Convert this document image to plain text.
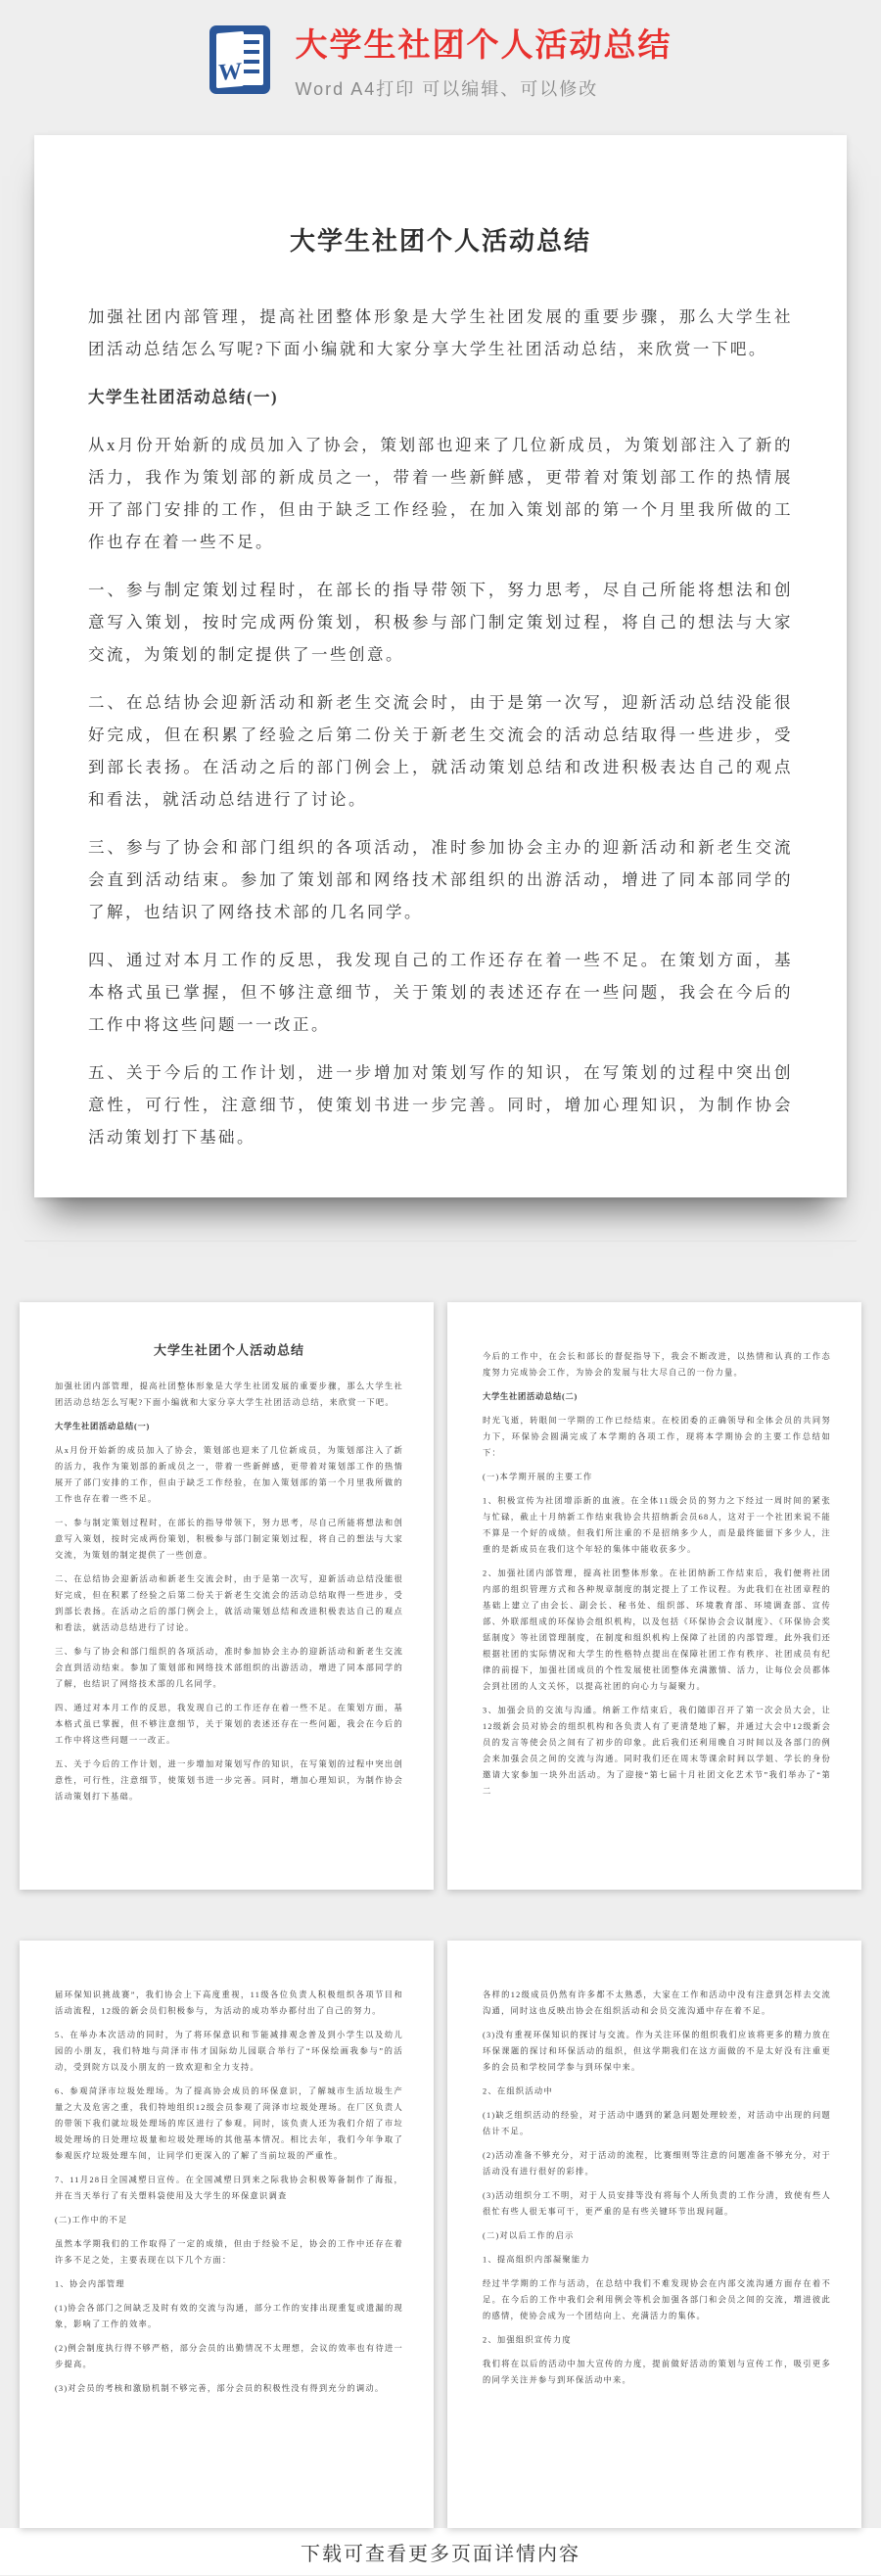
W
大学生社团个人活动总结
Word A4打印 可以编辑、可以修改
大学生社团个人活动总结

加强社团内部管理，提高社团整体形象是大学生社团发展的重要步骤，那么大学生社团活动总结怎么写呢?下面小编就和大家分享大学生社团活动总结，来欣赏一下吧。

大学生社团活动总结(一)

从x月份开始新的成员加入了协会，策划部也迎来了几位新成员，为策划部注入了新的活力，我作为策划部的新成员之一，带着一些新鲜感，更带着对策划部工作的热情展开了部门安排的工作，但由于缺乏工作经验，在加入策划部的第一个月里我所做的工作也存在着一些不足。

一、参与制定策划过程时，在部长的指导带领下，努力思考，尽自己所能将想法和创意写入策划，按时完成两份策划，积极参与部门制定策划过程，将自己的想法与大家交流，为策划的制定提供了一些创意。

二、在总结协会迎新活动和新老生交流会时，由于是第一次写，迎新活动总结没能很好完成，但在积累了经验之后第二份关于新老生交流会的活动总结取得一些进步，受到部长表扬。在活动之后的部门例会上，就活动策划总结和改进积极表达自己的观点和看法，就活动总结进行了讨论。

三、参与了协会和部门组织的各项活动，准时参加协会主办的迎新活动和新老生交流会直到活动结束。参加了策划部和网络技术部组织的出游活动，增进了同本部同学的了解，也结识了网络技术部的几名同学。

四、通过对本月工作的反思，我发现自己的工作还存在着一些不足。在策划方面，基本格式虽已掌握，但不够注意细节，关于策划的表述还存在一些问题，我会在今后的工作中将这些问题一一改正。

五、关于今后的工作计划，进一步增加对策划写作的知识，在写策划的过程中突出创意性，可行性，注意细节，使策划书进一步完善。同时，增加心理知识，为制作协会活动策划打下基础。

大学生社团个人活动总结

加强社团内部管理，提高社团整体形象是大学生社团发展的重要步骤，那么大学生社团活动总结怎么写呢?下面小编就和大家分享大学生社团活动总结，来欣赏一下吧。

大学生社团活动总结(一)

从x月份开始新的成员加入了协会，策划部也迎来了几位新成员，为策划部注入了新的活力，我作为策划部的新成员之一，带着一些新鲜感，更带着对策划部工作的热情展开了部门安排的工作，但由于缺乏工作经验，在加入策划部的第一个月里我所做的工作也存在着一些不足。

一、参与制定策划过程时，在部长的指导带领下，努力思考，尽自己所能将想法和创意写入策划，按时完成两份策划，积极参与部门制定策划过程，将自己的想法与大家交流，为策划的制定提供了一些创意。

二、在总结协会迎新活动和新老生交流会时，由于是第一次写，迎新活动总结没能很好完成，但在积累了经验之后第二份关于新老生交流会的活动总结取得一些进步，受到部长表扬。在活动之后的部门例会上，就活动策划总结和改进积极表达自己的观点和看法，就活动总结进行了讨论。

三、参与了协会和部门组织的各项活动，准时参加协会主办的迎新活动和新老生交流会直到活动结束。参加了策划部和网络技术部组织的出游活动，增进了同本部同学的了解，也结识了网络技术部的几名同学。

四、通过对本月工作的反思，我发现自己的工作还存在着一些不足。在策划方面，基本格式虽已掌握，但不够注意细节，关于策划的表述还存在一些问题，我会在今后的工作中将这些问题一一改正。

五、关于今后的工作计划，进一步增加对策划写作的知识，在写策划的过程中突出创意性，可行性，注意细节，使策划书进一步完善。同时，增加心理知识，为制作协会活动策划打下基础。

今后的工作中，在会长和部长的督促指导下，我会不断改进，以热情和认真的工作态度努力完成协会工作，为协会的发展与壮大尽自己的一份力量。

大学生社团活动总结(二)

时光飞逝，转眼间一学期的工作已经结束。在校团委的正确领导和全体会员的共同努力下，环保协会圆满完成了本学期的各项工作，现将本学期协会的主要工作总结如下：

(一)本学期开展的主要工作

1、积极宣传为社团增添新的血液。在全体11级会员的努力之下经过一周时间的紧张与忙碌，截止十月纳新工作结束我协会共招纳新会员68人，这对于一个社团来说不能不算是一个好的成绩。但我们所注重的不是招纳多少人，而是最终能留下多少人，注重的是新成员在我们这个年轻的集体中能收获多少。

2、加强社团内部管理，提高社团整体形象。在社团纳新工作结束后，我们便将社团内部的组织管理方式和各种规章制度的制定提上了工作议程。为此我们在社团章程的基础上建立了由会长、副会长、秘书处、组织部、环境教育部、环境调查部、宣传部、外联部组成的环保协会组织机构，以及包括《环保协会会议制度》、《环保协会奖惩制度》等社团管理制度，在制度和组织机构上保障了社团的内部管理。此外我们还根据社团的实际情况和大学生的性格特点提出在保障社团工作有秩序、社团成员有纪律的前提下，加强社团成员的个性发展使社团整体充满激情、活力，让每位会员都体会到社团的人文关怀，以提高社团的向心力与凝聚力。

3、加强会员的交流与沟通。纳新工作结束后，我们随即召开了第一次会员大会，让12级新会员对协会的组织机构和各负责人有了更清楚地了解，并通过大会中12级新会员的发言等使会员之间有了初步的印象。此后我们还利用晚自习时间以及各部门的例会来加强会员之间的交流与沟通。同时我们还在周末等课余时间以学姐、学长的身份邀请大家参加一块外出活动。为了迎接“第七届十月社团文化艺术节”我们举办了“第二

届环保知识挑战赛”，我们协会上下高度重视，11级各位负责人积极组织各项节目和活动流程，12级的新会员们积极参与，为活动的成功举办都付出了自己的努力。

5、在举办本次活动的同时，为了将环保意识和节能减排观念普及到小学生以及幼儿园的小朋友，我们特地与菏泽市伟才国际幼儿园联合举行了“环保绘画我参与”的活动，受到院方以及小朋友的一致欢迎和全力支持。

6、参观菏泽市垃圾处理场。为了提高协会成员的环保意识，了解城市生活垃圾生产量之大及危害之重，我们特地组织12级会员参观了菏泽市垃圾处理场。在厂区负责人的带领下我们就垃圾处理场的库区进行了参观。同时，该负责人还为我们介绍了市垃圾处理场的日处理垃圾量和垃圾处理场的其他基本情况。相比去年，我们今年争取了参观医疗垃圾处理车间，让同学们更深入的了解了当前垃圾的严重性。

7、11月28日全国减塑日宣传。在全国减塑日到来之际我协会积极筹备制作了海报，并在当天举行了有关塑料袋使用及大学生的环保意识调查

(二)工作中的不足

虽然本学期我们的工作取得了一定的成绩，但由于经验不足，协会的工作中还存在着许多不足之处，主要表现在以下几个方面：

1、协会内部管理

(1)协会各部门之间缺乏及时有效的交流与沟通，部分工作的安排出现重复或遗漏的现象，影响了工作的效率。

(2)例会制度执行得不够严格，部分会员的出勤情况不太理想，会议的效率也有待进一步提高。

(3)对会员的考核和激励机制不够完善，部分会员的积极性没有得到充分的调动。

各样的12级成员仍然有许多都不太熟悉，大家在工作和活动中没有注意到怎样去交流沟通，同时这也反映出协会在组织活动和会员交流沟通中存在着不足。

(3)没有重视环保知识的探讨与交流。作为关注环保的组织我们应该将更多的精力放在环保课题的探讨和环保活动的组织，但这学期我们在这方面做的不是太好没有注重更多的会员和学校同学参与到环保中来。

2、在组织活动中

(1)缺乏组织活动的经验，对于活动中遇到的紧急问题处理较差，对活动中出现的问题估计不足。

(2)活动准备不够充分，对于活动的流程，比赛细则等注意的问题准备不够充分，对于活动没有进行很好的彩排。

(3)活动组织分工不明，对于人员安排等没有将每个人所负责的工作分清，致使有些人很忙有些人很无事可干，更严重的是有些关键环节出现问题。

(二)对以后工作的启示

1、提高组织内部凝聚能力

经过半学期的工作与活动，在总结中我们不难发现协会在内部交流沟通方面存在着不足。在今后的工作中我们会利用例会等机会加强各部门和会员之间的交流，增进彼此的感情，使协会成为一个团结向上、充满活力的集体。

2、加强组织宣传力度

我们将在以后的活动中加大宣传的力度，提前做好活动的策划与宣传工作，吸引更多的同学关注并参与到环保活动中来。

下载可查看更多页面详情内容
